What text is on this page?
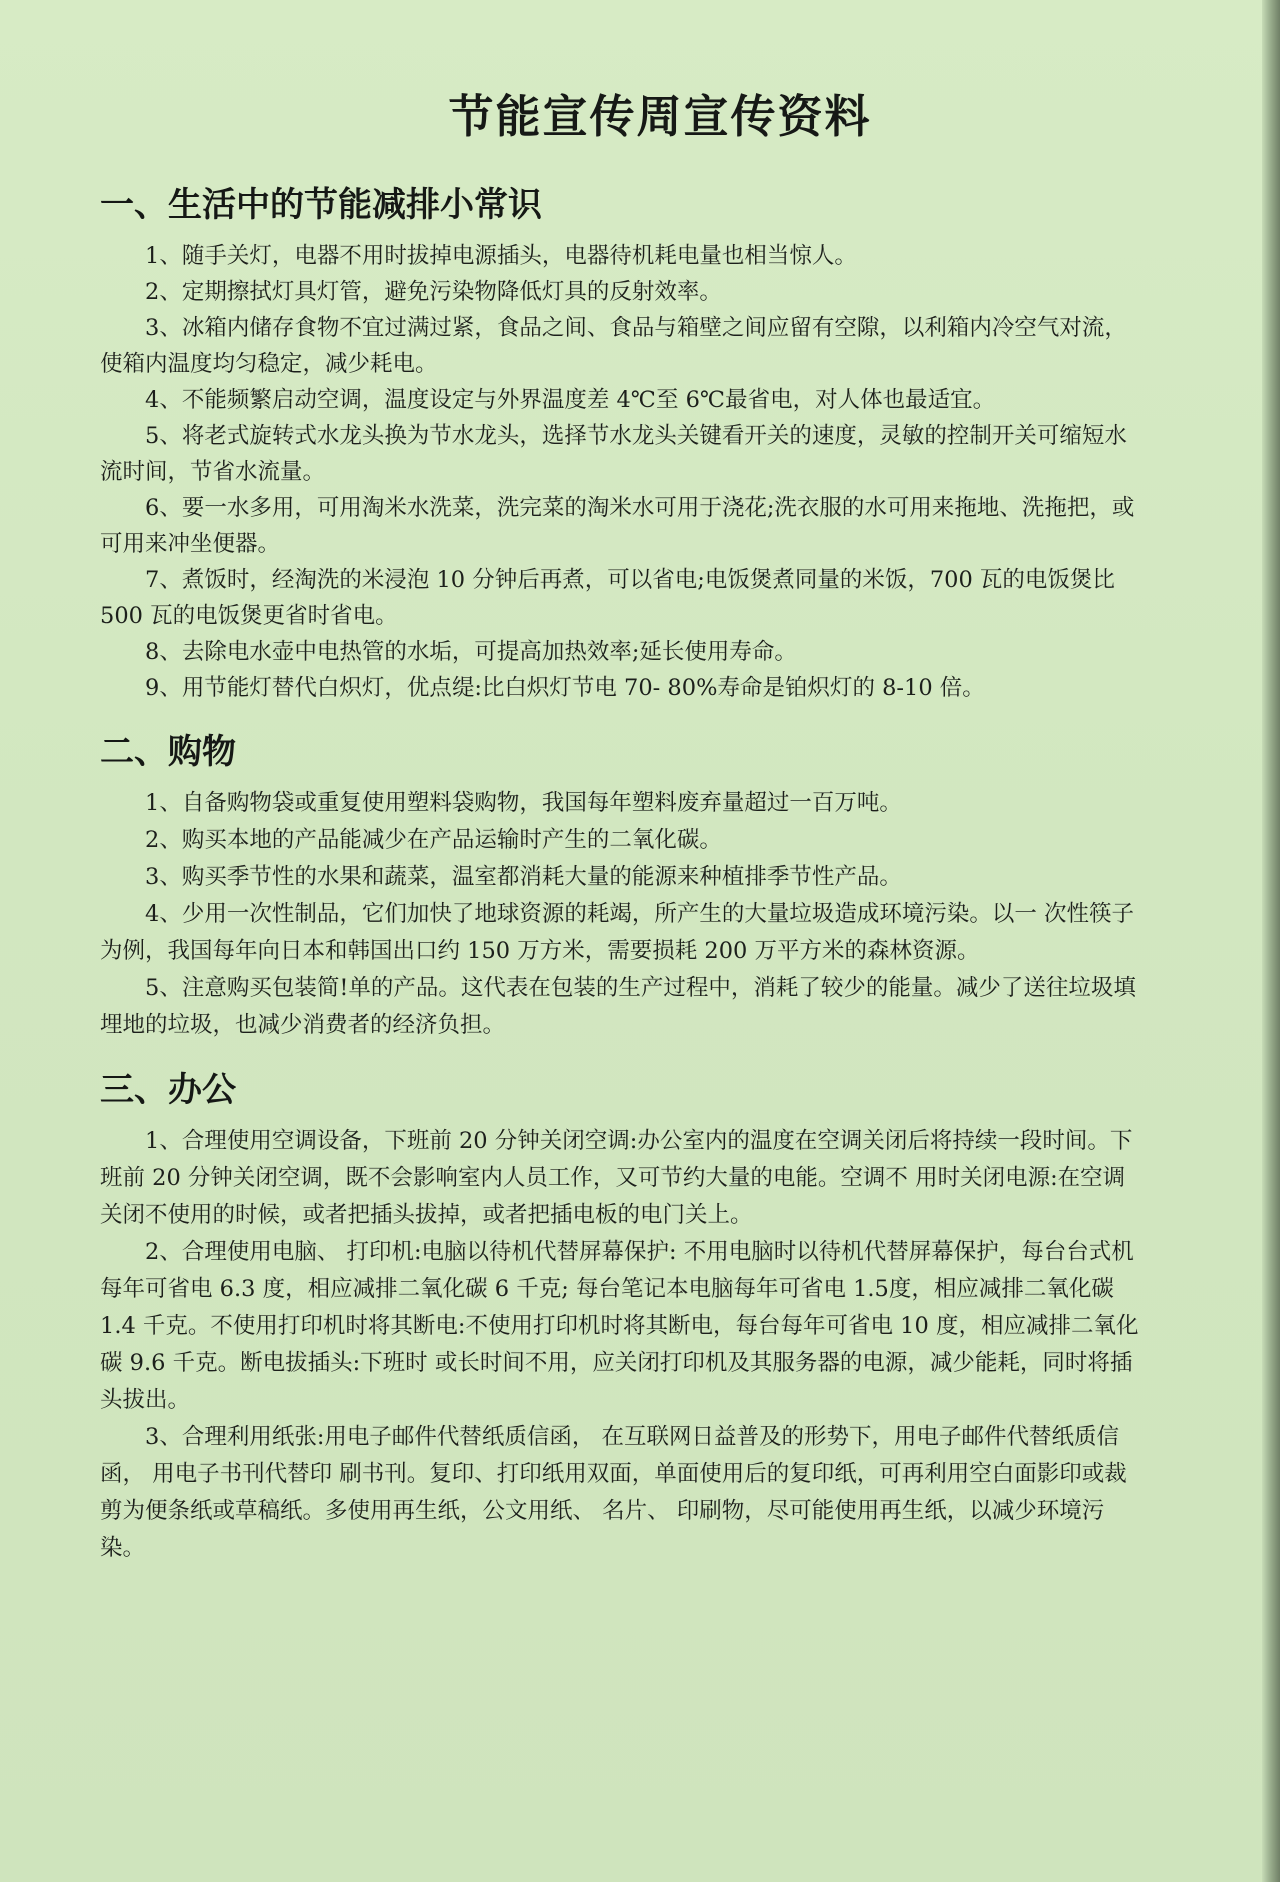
节能宣传周宣传资料
一、生活中的节能减排小常识

1、随手关灯，电器不用时拔掉电源插头，电器待机耗电量也相当惊人。

2、定期擦拭灯具灯管，避免污染物降低灯具的反射效率。

3、冰箱内储存食物不宜过满过紧，食品之间、食品与箱壁之间应留有空隙，以利箱内冷空气对流，使箱内温度均匀稳定，减少耗电。

4、不能频繁启动空调，温度设定与外界温度差 4℃至 6℃最省电，对人体也最适宜。

5、将老式旋转式水龙头换为节水龙头，选择节水龙头关键看开关的速度，灵敏的控制开关可缩短水流时间，节省水流量。

6、要一水多用，可用淘米水洗菜，洗完菜的淘米水可用于浇花;洗衣服的水可用来拖地、洗拖把，或可用来冲坐便器。

7、煮饭时，经淘洗的米浸泡 10 分钟后再煮，可以省电;电饭煲煮同量的米饭，700 瓦的电饭煲比 500 瓦的电饭煲更省时省电。

8、去除电水壶中电热管的水垢，可提高加热效率;延长使用寿命。

9、用节能灯替代白炽灯，优点缇:比白炽灯节电 70- 80%寿命是铂炽灯的 8-10 倍。

二、购物

1、自备购物袋或重复使用塑料袋购物，我国每年塑料废弃量超过一百万吨。

2、购买本地的产品能减少在产品运输时产生的二氧化碳。

3、购买季节性的水果和蔬菜，温室都消耗大量的能源来种植排季节性产品。

4、少用一次性制品，它们加快了地球资源的耗竭，所产生的大量垃圾造成环境污染。以一 次性筷子为例，我国每年向日本和韩国出口约 150 万方米，需要损耗 200 万平方米的森林资源。

5、注意购买包装简!单的产品。这代表在包装的生产过程中，消耗了较少的能量。减少了送往垃圾填埋地的垃圾，也减少消费者的经济负担。

三、办公

1、合理使用空调设备，下班前 20 分钟关闭空调:办公室内的温度在空调关闭后将持续一段时间。下班前 20 分钟关闭空调，既不会影响室内人员工作，又可节约大量的电能。空调不 用时关闭电源:在空调关闭不使用的时候，或者把插头拔掉，或者把插电板的电门关上。

2、合理使用电脑、 打印机:电脑以待机代替屏幕保护: 不用电脑时以待机代替屏幕保护，每台台式机每年可省电 6.3 度，相应减排二氧化碳 6 千克; 每台笔记本电脑每年可省电 1.5度，相应减排二氧化碳 1.4 千克。不使用打印机时将其断电:不使用打印机时将其断电，每台每年可省电 10 度，相应减排二氧化碳 9.6 千克。断电拔插头:下班时 或长时间不用，应关闭打印机及其服务器的电源，减少能耗，同时将插头拔出。

3、合理利用纸张:用电子邮件代替纸质信函， 在互联网日益普及的形势下，用电子邮件代替纸质信函， 用电子书刊代替印 刷书刊。复印、打印纸用双面，单面使用后的复印纸，可再利用空白面影印或裁剪为便条纸或草稿纸。多使用再生纸，公文用纸、 名片、 印刷物，尽可能使用再生纸，以减少环境污染。
